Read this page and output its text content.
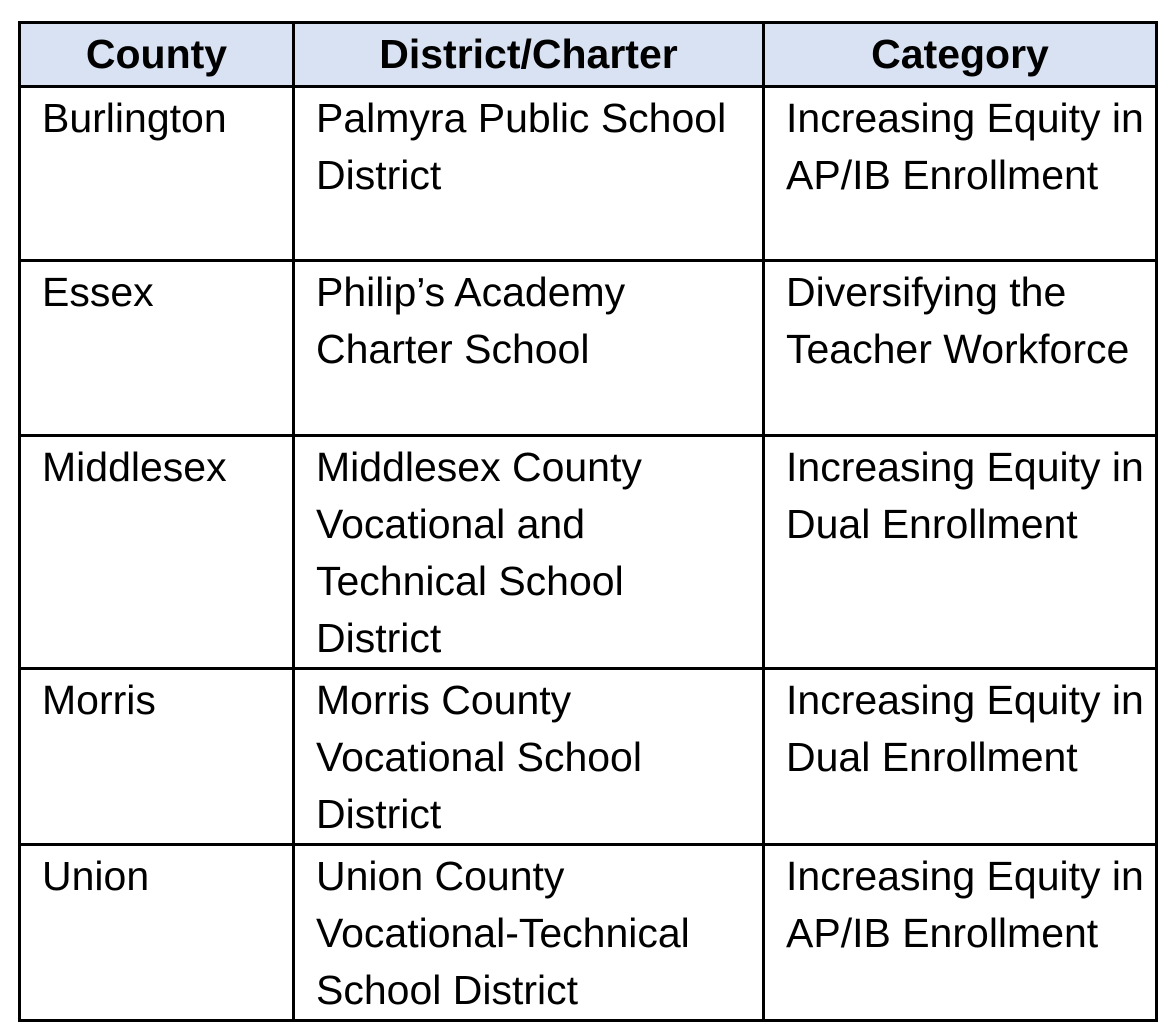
County	District/Charter	Category
Burlington	Palmyra Public School District	Increasing Equity in AP/IB Enrollment
Essex	Philip’s Academy Charter School	Diversifying the Teacher Workforce
Middlesex	Middlesex County Vocational and Technical School District	Increasing Equity in Dual Enrollment
Morris	Morris County Vocational School District	Increasing Equity in Dual Enrollment
Union	Union County Vocational-Technical School District	Increasing Equity in AP/IB Enrollment
